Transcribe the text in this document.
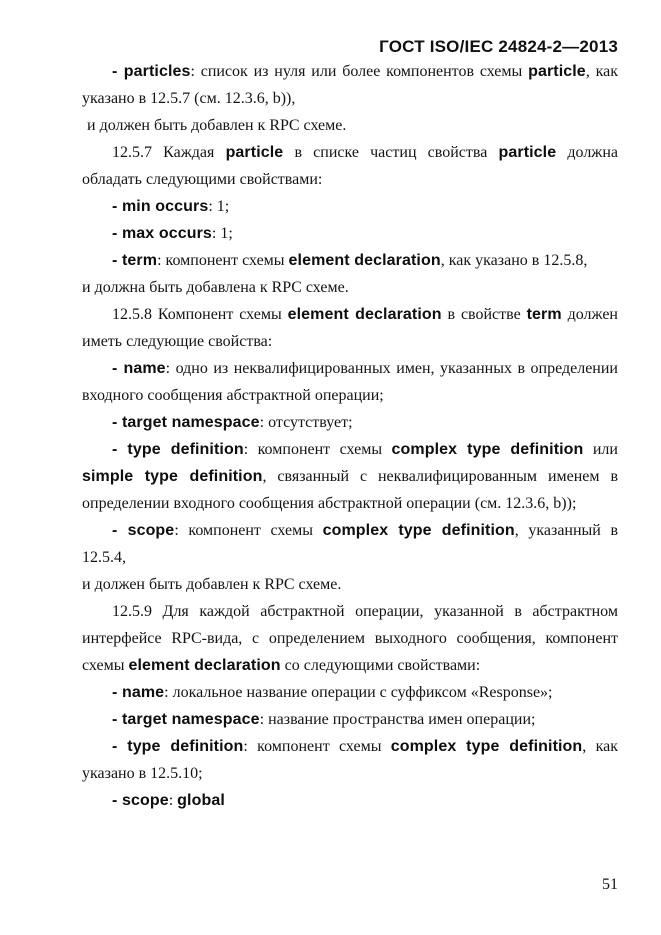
ГОСТ ISO/IEC 24824-2—2013
- particles: список из нуля или более компонентов схемы particle, как
указано в 12.5.7 (см. 12.3.6, b)),
и должен быть добавлен к RPC схеме.
12.5.7 Каждая particle в списке частиц свойства particle должна
обладать следующими свойствами:
- min occurs: 1;
- max occurs: 1;
- term: компонент схемы element declaration, как указано в 12.5.8,
и должна быть добавлена к RPC схеме.
12.5.8 Компонент схемы element declaration в свойстве term должен
иметь следующие свойства:
- name: одно из неквалифицированных имен, указанных в определении
входного сообщения абстрактной операции;
- target namespace: отсутствует;
- type definition: компонент схемы complex type definition или
simple type definition, связанный с неквалифицированным именем в
определении входного сообщения абстрактной операции (см. 12.3.6, b));
- scope: компонент схемы complex type definition, указанный в
12.5.4,
и должен быть добавлен к RPC схеме.
12.5.9 Для каждой абстрактной операции, указанной в абстрактном
интерфейсе RPC-вида, с определением выходного сообщения, компонент
схемы element declaration со следующими свойствами:
- name: локальное название операции с суффиксом «Response»;
- target namespace: название пространства имен операции;
- type definition: компонент схемы complex type definition, как
указано в 12.5.10;
- scope: global
51
